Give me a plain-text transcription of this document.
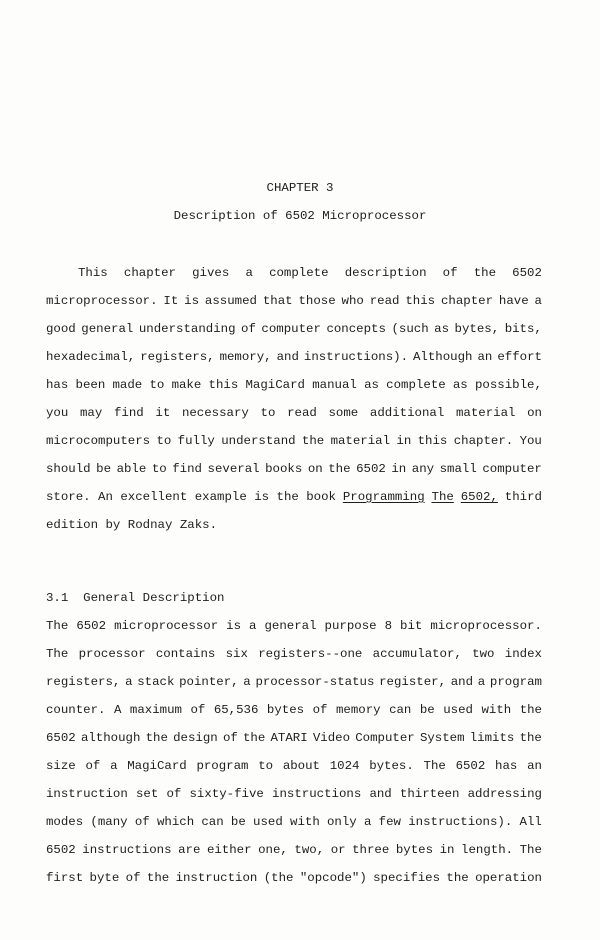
CHAPTER 3
Description of 6502 Microprocessor
This chapter gives a complete description of the 6502
microprocessor. It is assumed that those who read this chapter have a
good general understanding of computer concepts (such as bytes, bits,
hexadecimal, registers, memory, and instructions). Although an effort
has been made to make this MagiCard manual as complete as possible,
you may find it necessary to read some additional material on
microcomputers to fully understand the material in this chapter. You
should be able to find several books on the 6502 in any small computer
store. An excellent example is the book Programming The 6502, third
edition by Rodnay Zaks.
3.1  General Description
The 6502 microprocessor is a general purpose 8 bit microprocessor.
The processor contains six registers--one accumulator, two index
registers, a stack pointer, a processor-status register, and a program
counter. A maximum of 65,536 bytes of memory can be used with the
6502 although the design of the ATARI Video Computer System limits the
size of a MagiCard program to about 1024 bytes. The 6502 has an
instruction set of sixty-five instructions and thirteen addressing
modes (many of which can be used with only a few instructions). All
6502 instructions are either one, two, or three bytes in length. The
first byte of the instruction (the "opcode") specifies the operation
